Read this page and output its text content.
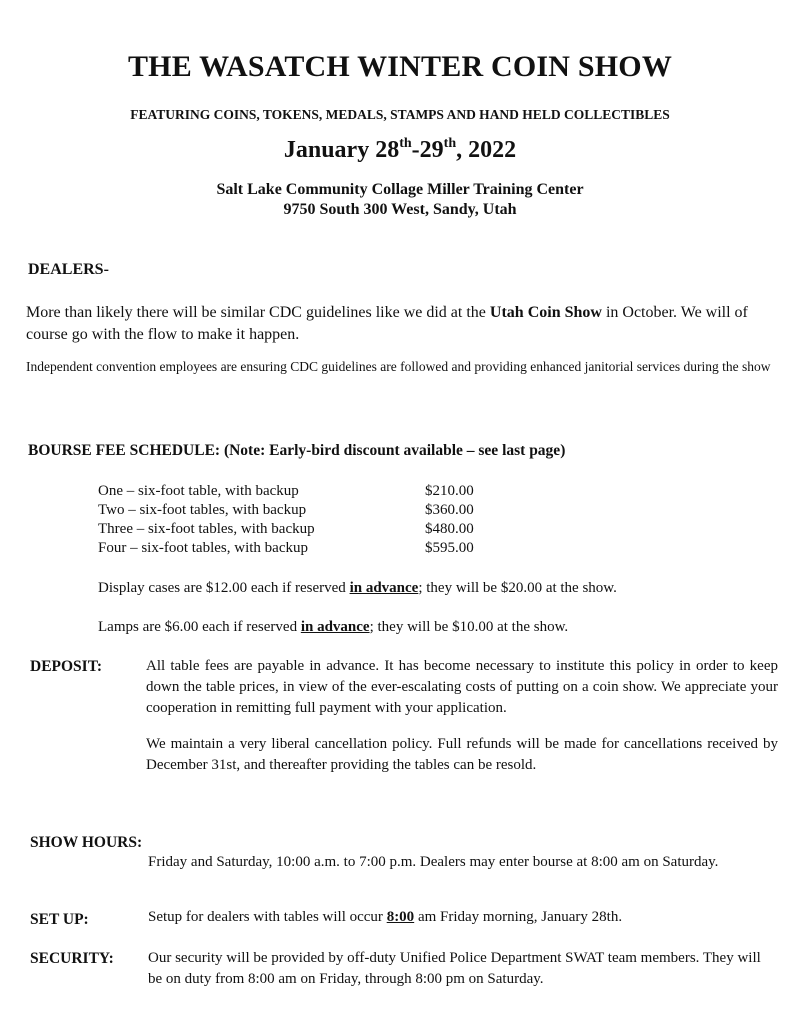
THE WASATCH WINTER COIN SHOW
FEATURING COINS, TOKENS, MEDALS, STAMPS AND HAND HELD COLLECTIBLES
January 28th-29th, 2022
Salt Lake Community Collage Miller Training Center
9750 South 300 West, Sandy, Utah
DEALERS-
More than likely there will be similar CDC guidelines like we did at the Utah Coin Show in October. We will of course go with the flow to make it happen.
Independent convention employees are ensuring CDC guidelines are followed and providing enhanced janitorial services during the show
BOURSE FEE SCHEDULE: (Note: Early-bird discount available – see last page)
One – six-foot table, with backup	$210.00
Two – six-foot tables, with backup	$360.00
Three – six-foot tables, with backup	$480.00
Four – six-foot tables, with backup	$595.00
Display cases are $12.00 each if reserved in advance; they will be $20.00 at the show.
Lamps are $6.00 each if reserved in advance; they will be $10.00 at the show.
DEPOSIT:	All table fees are payable in advance. It has become necessary to institute this policy in order to keep down the table prices, in view of the ever-escalating costs of putting on a coin show. We appreciate your cooperation in remitting full payment with your application.
We maintain a very liberal cancellation policy. Full refunds will be made for cancellations received by December 31st, and thereafter providing the tables can be resold.
SHOW HOURS:
Friday and Saturday, 10:00 a.m. to 7:00 p.m. Dealers may enter bourse at 8:00 am on Saturday.
SET UP:	Setup for dealers with tables will occur 8:00 am Friday morning, January 28th.
SECURITY: Our security will be provided by off-duty Unified Police Department SWAT team members. They will be on duty from 8:00 am on Friday, through 8:00 pm on Saturday.
